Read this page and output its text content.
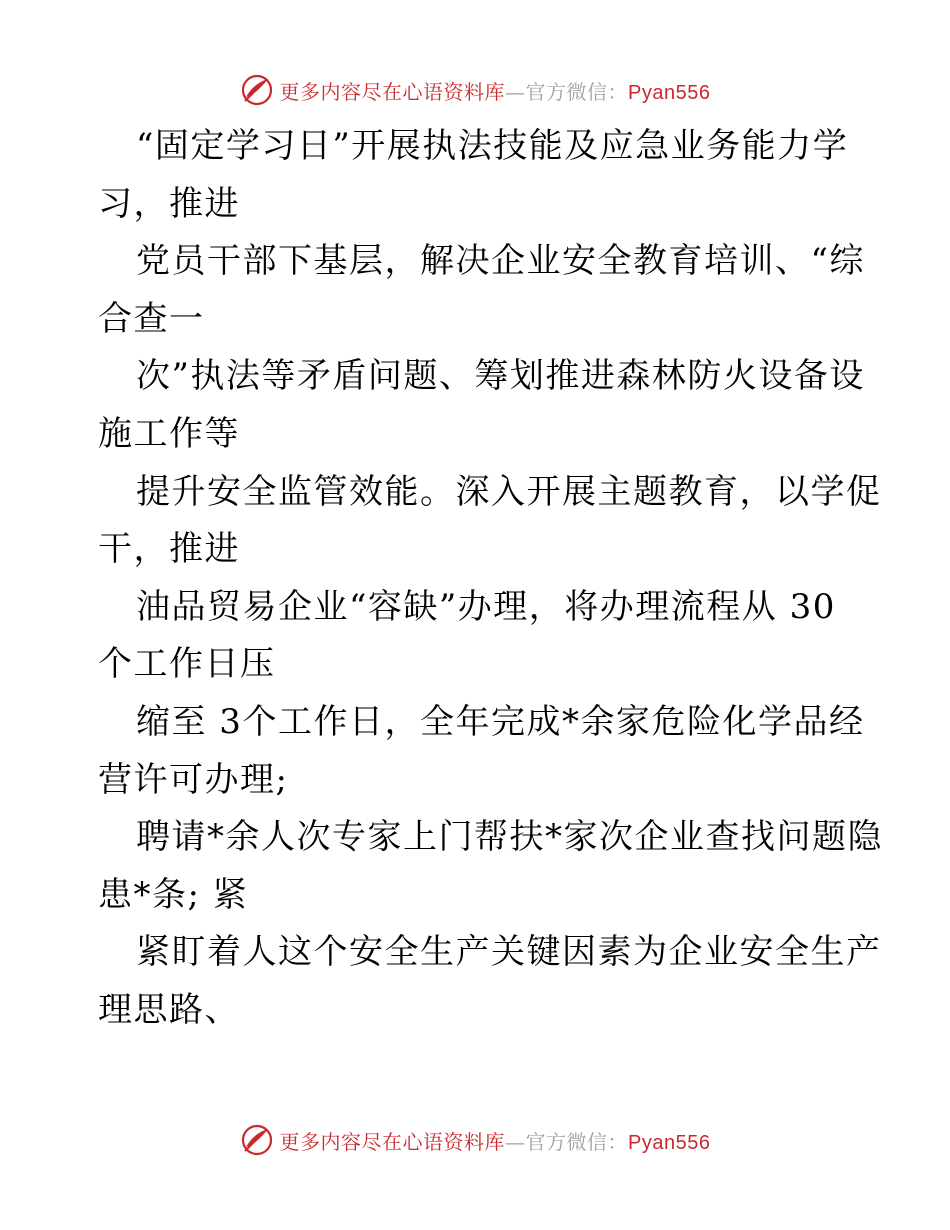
更多内容尽在心语资料库—官方微信：Pyan556
“固定学习日”开展执法技能及应急业务能力学
习，推进
党员干部下基层，解决企业安全教育培训、“综
合查一
次”执法等矛盾问题、筹划推进森林防火设备设
施工作等
提升安全监管效能。深入开展主题教育，以学促
干，推进
油品贸易企业“容缺”办理，将办理流程从 30
个工作日压
缩至 3个工作日，全年完成*余家危险化学品经
营许可办理;
聘请*余人次专家上门帮扶*家次企业查找问题隐
患*条; 紧
紧盯着人这个安全生产关键因素为企业安全生产
理思路、
更多内容尽在心语资料库—官方微信：Pyan556
